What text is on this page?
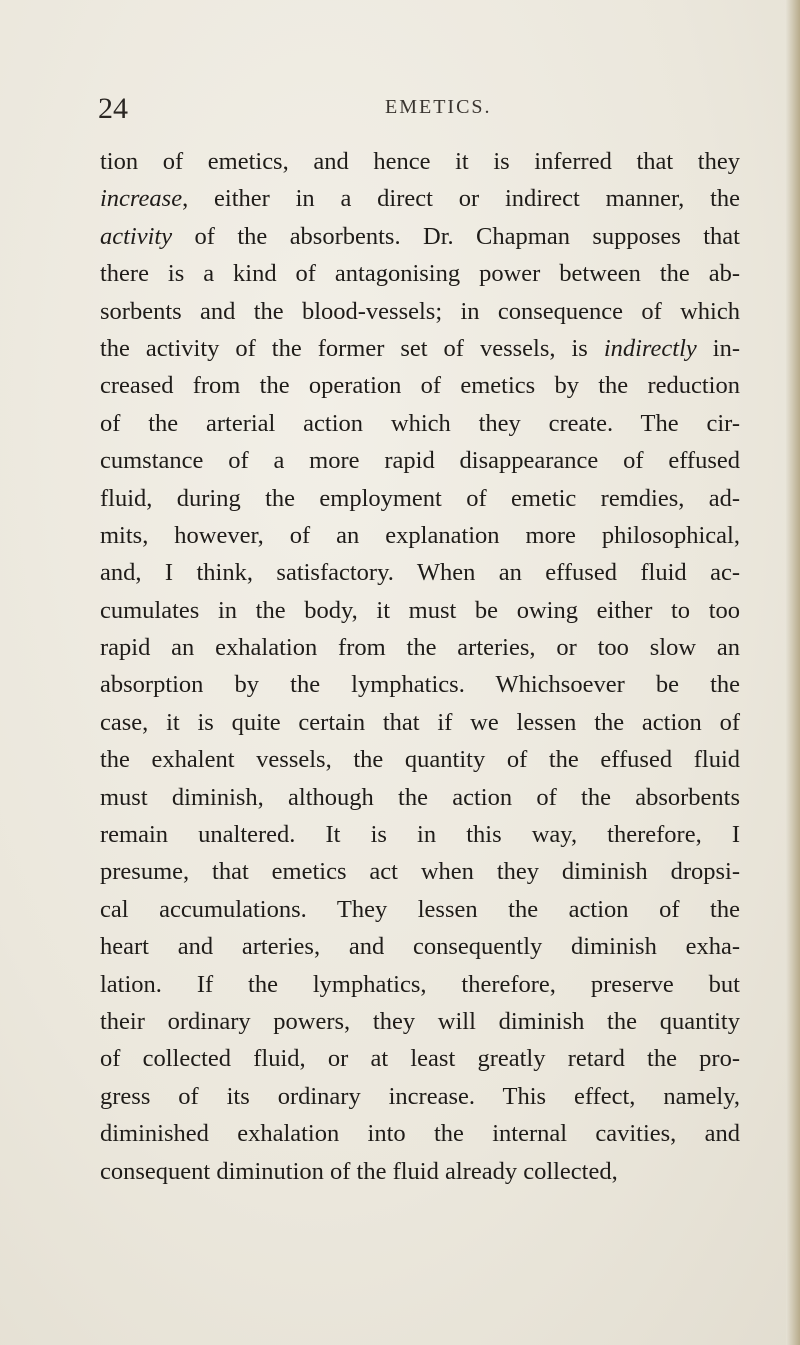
24	EMETICS.
tion of emetics, and hence it is inferred that they
increase, either in a direct or indirect manner, the
activity of the absorbents. Dr. Chapman supposes that
there is a kind of antagonising power between the ab-
sorbents and the blood-vessels; in consequence of which
the activity of the former set of vessels, is indirectly in-
creased from the operation of emetics by the reduction
of the arterial action which they create. The cir-
cumstance of a more rapid disappearance of effused
fluid, during the employment of emetic remdies, ad-
mits, however, of an explanation more philosophical,
and, I think, satisfactory. When an effused fluid ac-
cumulates in the body, it must be owing either to too
rapid an exhalation from the arteries, or too slow an
absorption by the lymphatics. Whichsoever be the
case, it is quite certain that if we lessen the action of
the exhalent vessels, the quantity of the effused fluid
must diminish, although the action of the absorbents
remain unaltered. It is in this way, therefore, I
presume, that emetics act when they diminish dropsi-
cal accumulations. They lessen the action of the
heart and arteries, and consequently diminish exha-
lation. If the lymphatics, therefore, preserve but
their ordinary powers, they will diminish the quantity
of collected fluid, or at least greatly retard the pro-
gress of its ordinary increase. This effect, namely,
diminished exhalation into the internal cavities, and
consequent diminution of the fluid already collected,
